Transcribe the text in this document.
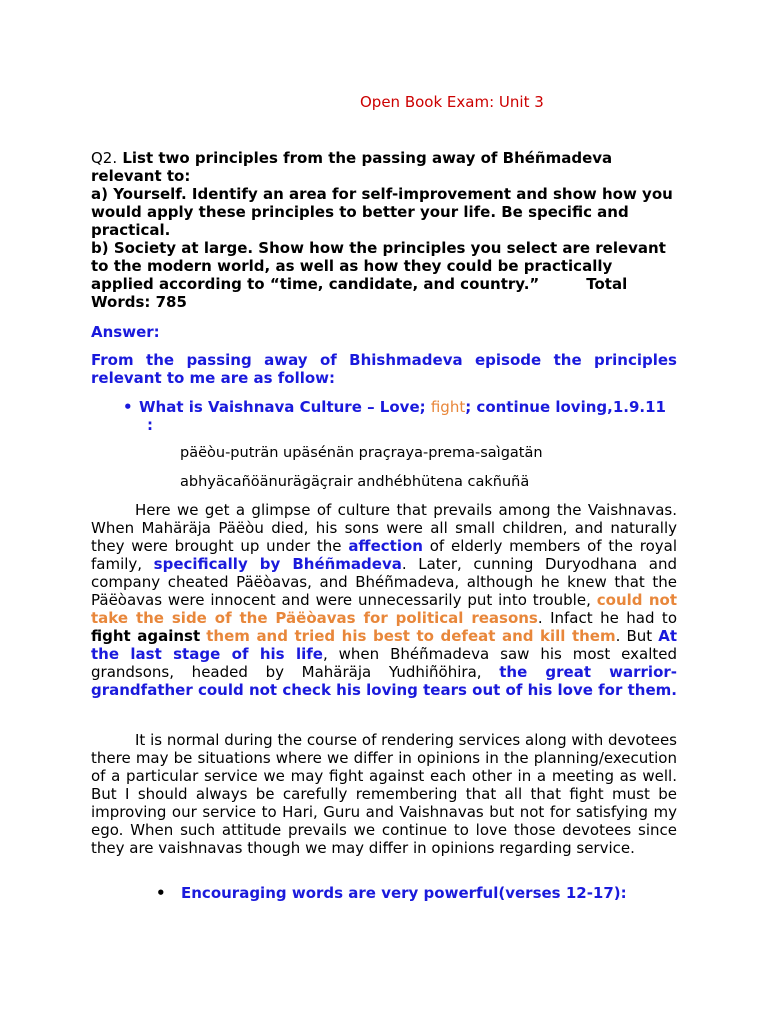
Open Book Exam: Unit 3
Q2. List two principles from the passing away of Bhéñmadeva
relevant to:
a) Yourself. Identify an area for self-improvement and show how you
would apply these principles to better your life. Be specific and
practical.
b) Society at large. Show how the principles you select are relevant
to the modern world, as well as how they could be practically
applied according to “time, candidate, and country.”         Total
Words: 785
Answer:
From the passing away of Bhishmadeva episode the principles relevant to me are as follow:
• What is Vaishnava Culture – Love; fight; continue loving,1.9.11
:
päëòu-puträn upäsénän praçraya-prema-saìgatän
abhyäcañöänurägäçrair andhébhütena cakñuñä
Here we get a glimpse of culture that prevails among the Vaishnavas. When Mahäräja Päëòu died, his sons were all small children, and naturally they were brought up under the affection of elderly members of the royal family, specifically by Bhéñmadeva. Later, cunning Duryodhana and company cheated Päëòavas, and Bhéñmadeva, although he knew that the Päëòavas were innocent and were unnecessarily put into trouble, could not take the side of the Päëòavas for political reasons. Infact he had to fight against them and tried his best to defeat and kill them. But At the last stage of his life, when Bhéñmadeva saw his most exalted grandsons, headed by Mahäräja Yudhiñöhira, the great warrior-grandfather could not check his loving tears out of his love for them.
It is normal during the course of rendering services along with devotees there may be situations where we differ in opinions in the planning/execution of a particular service we may fight against each other in a meeting as well. But I should always be carefully remembering that all that fight must be improving our service to Hari, Guru and Vaishnavas but not for satisfying my ego. When such attitude prevails we continue to love those devotees since they are vaishnavas though we may differ in opinions regarding service.
• Encouraging words are very powerful(verses 12-17):
